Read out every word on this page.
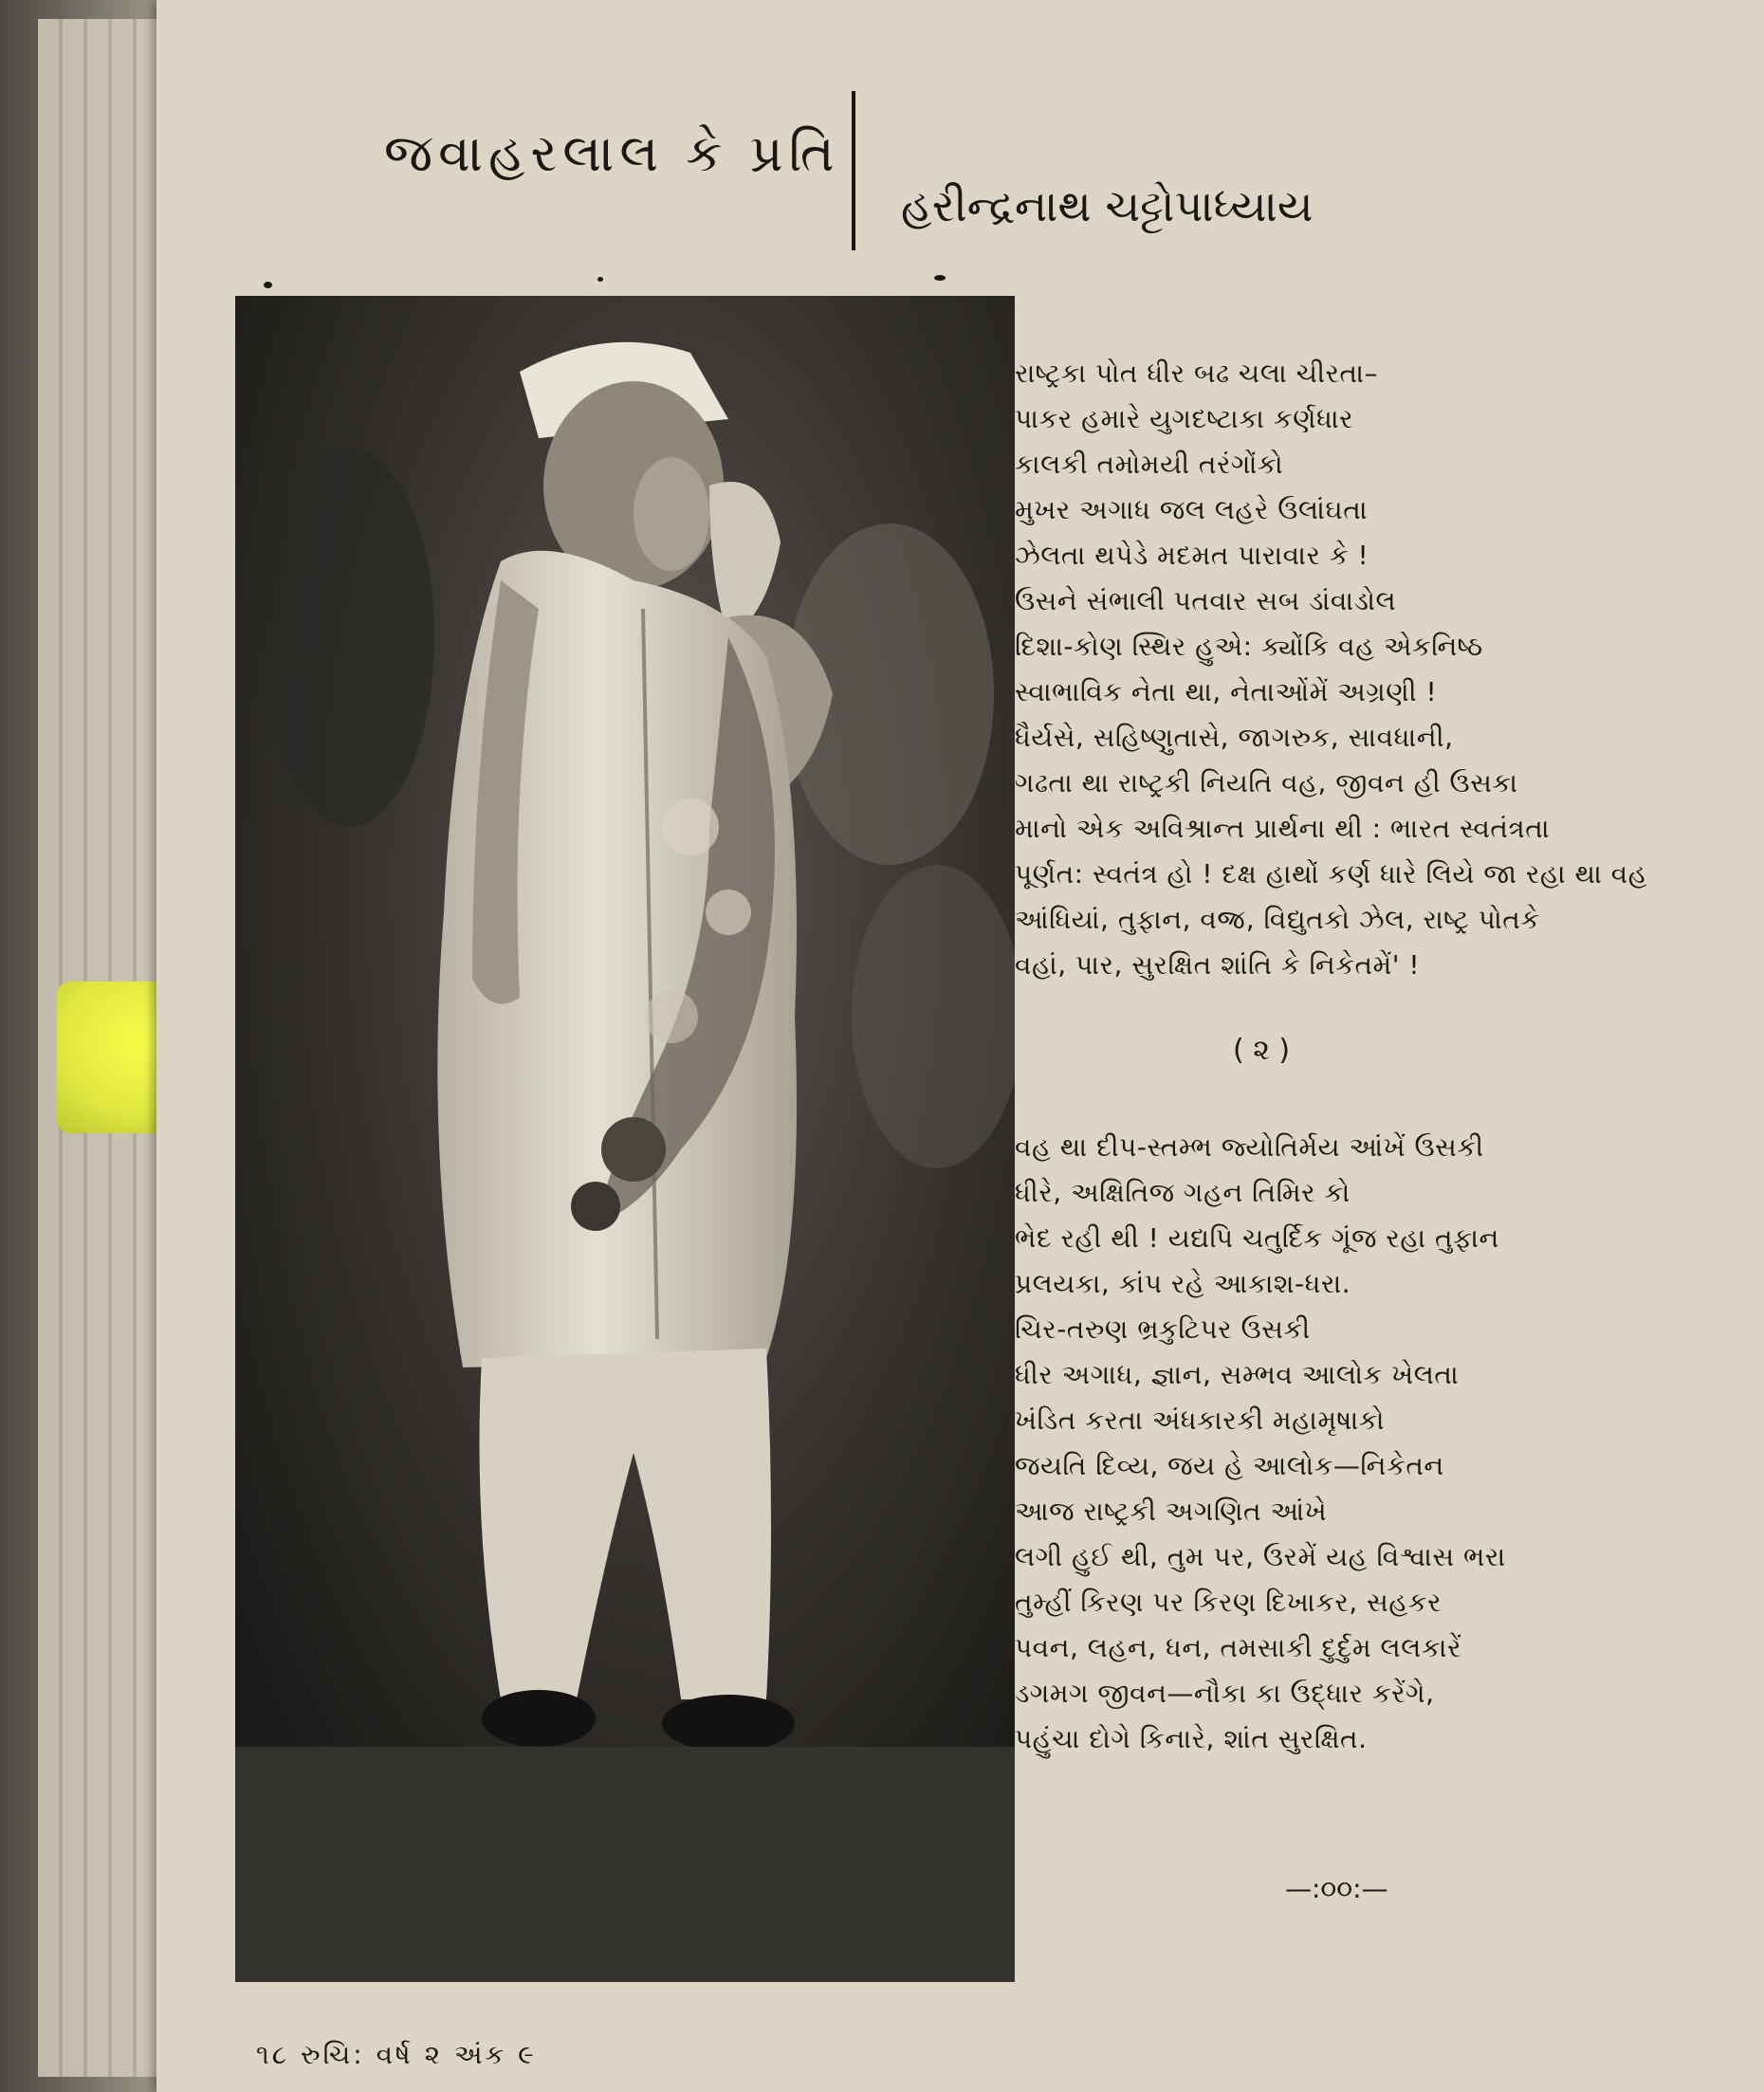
જવાહરલાલ કે પ્રતિ
હરીન્દ્રનાથ ચટ્ટોપાધ્યાય
રાષ્ટ્રકા પોત ધીર બઢ ચલા ચીરતા–
પાકર હમારે યુગદષ્ટાકા કર્ણધાર
કાલકી તમોમયી તરંગોંકો
મુખર અગાધ જલ લહરે ઉલાંઘતા
ઝેલતા થપેડે મદમત પારાવાર કે !
ઉસને સંભાલી પતવાર સબ ડાંવાડોલ
દિશા-કોણ સ્થિર હુએ: ક્યોંકિ વહ એકનિષ્ઠ
સ્વાભાવિક નેતા થા, નેતાઓંમેં અગ્રણી !
ધૈર્યસે, સહિષ્ણુતાસે, જાગરુક, સાવધાની,
ગઢતા થા રાષ્ટ્રકી નિયતિ વહ, જીવન હી ઉસકા
માનો એક અવિશ્રાન્ત પ્રાર્થના થી : ભારત સ્વતંત્રતા
પૂર્ણત: સ્વતંત્ર હો ! દક્ષ હાથોં કર્ણ ધારે લિયે જા રહા થા વહ
આંધિયાં, તુફાન, વજ્ર, વિદ્યુતકો ઝેલ, રાષ્ટ્ર પોતકે
વહાં, પાર, સુરક્ષિત શાંતિ કે નિકેતમેં' !
( ૨ )
વહ થા દીપ-સ્તમ્ભ જ્યોતિર્મય આંખેં ઉસકી
ધીરે, અક્ષિતિજ ગહન તિમિર કો
ભેદ રહી થી ! યદ્યપિ ચતુર્દિક ગૂંજ રહા તુફાન
પ્રલયકા, કાંપ રહે આકાશ-ધરા.
ચિર-તરુણ ભ્રકુટિપર ઉસકી
ધીર અગાધ, જ્ઞાન, સમ્ભવ આલોક ખેલતા
ખંડિત કરતા અંધકારકી મહામૃષાકો
જયતિ દિવ્ય, જય હે આલોક—નિકેતન
આજ રાષ્ટ્રકી અગણિત આંખે
લગી હુઈ થી, તુમ પર, ઉરમેં યહ વિશ્વાસ ભરા
તુમ્હીં કિરણ પર કિરણ દિખાકર, સહકર
પવન, લહન, ધન, તમસાકી દુર્દુમ લલકારેં
ડગમગ જીવન—નૌકા કા ઉદ્ધાર કરેંગે,
પહુંચા દોગે કિનારે, શાંત સુરક્ષિત.
—:૦૦:—
૧૮ રુચિ: વર્ષ ૨ અંક ૯
